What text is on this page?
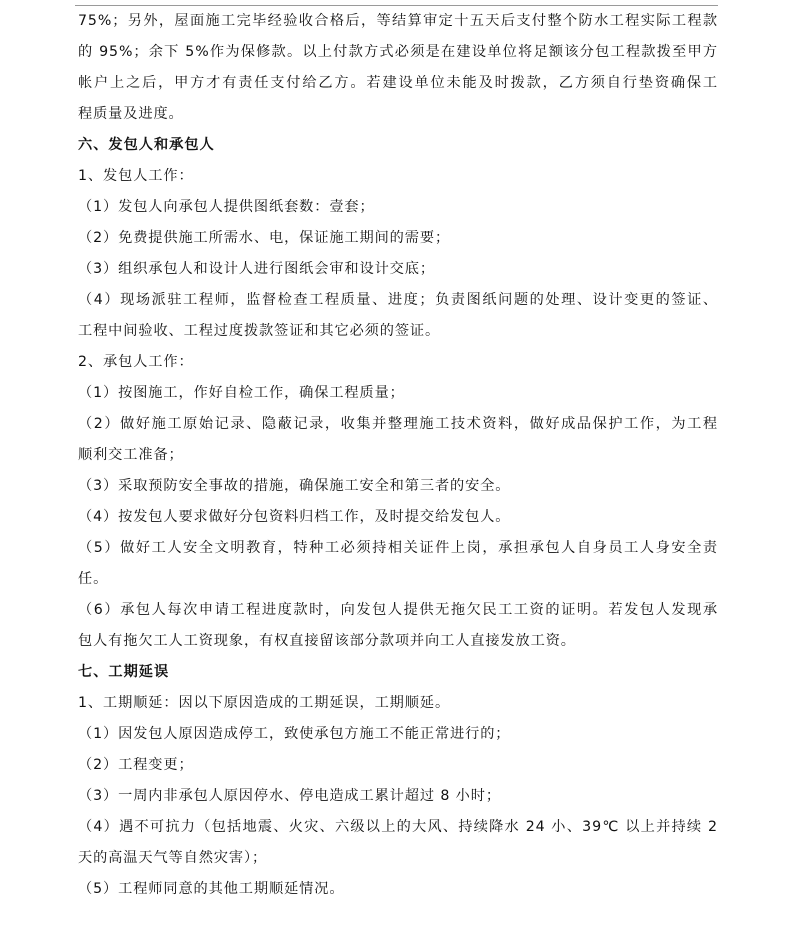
75%；另外，屋面施工完毕经验收合格后，等结算审定十五天后支付整个防水工程实际工程款
的 95%；余下 5%作为保修款。以上付款方式必须是在建设单位将足额该分包工程款拨至甲方
帐户上之后，甲方才有责任支付给乙方。若建设单位未能及时拨款，乙方须自行垫资确保工
程质量及进度。
六、发包人和承包人
1、发包人工作：
（1）发包人向承包人提供图纸套数：壹套；
（2）免费提供施工所需水、电，保证施工期间的需要；
（3）组织承包人和设计人进行图纸会审和设计交底；
（4）现场派驻工程师，监督检查工程质量、进度；负责图纸问题的处理、设计变更的签证、
工程中间验收、工程过度拨款签证和其它必须的签证。
2、承包人工作：
（1）按图施工，作好自检工作，确保工程质量；
（2）做好施工原始记录、隐蔽记录，收集并整理施工技术资料，做好成品保护工作，为工程
顺利交工准备；
（3）采取预防安全事故的措施，确保施工安全和第三者的安全。
（4）按发包人要求做好分包资料归档工作，及时提交给发包人。
（5）做好工人安全文明教育，特种工必须持相关证件上岗，承担承包人自身员工人身安全责
任。
（6）承包人每次申请工程进度款时，向发包人提供无拖欠民工工资的证明。若发包人发现承
包人有拖欠工人工资现象，有权直接留该部分款项并向工人直接发放工资。
七、工期延误
1、工期顺延：因以下原因造成的工期延误，工期顺延。
（1）因发包人原因造成停工，致使承包方施工不能正常进行的；
（2）工程变更；
（3）一周内非承包人原因停水、停电造成工累计超过 8 小时；
（4）遇不可抗力（包括地震、火灾、六级以上的大风、持续降水 24 小、39℃ 以上并持续 2
天的高温天气等自然灾害）；
（5）工程师同意的其他工期顺延情况。
